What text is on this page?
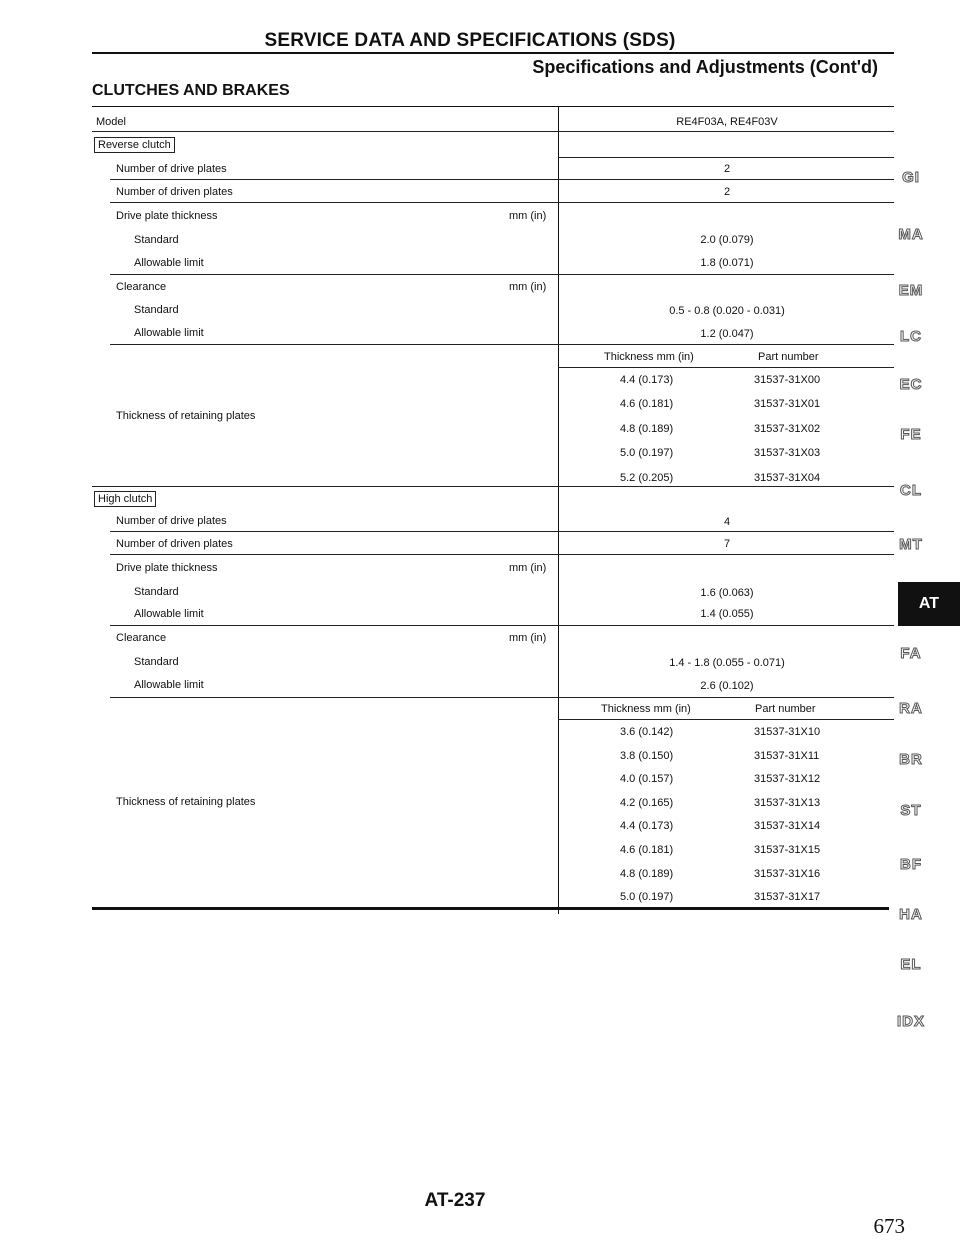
SERVICE DATA AND SPECIFICATIONS (SDS)
Specifications and Adjustments (Cont'd)
CLUTCHES AND BRAKES
Model	RE4F03A, RE4F03V
Reverse clutch
Number of drive plates	2
Number of driven plates	2
Drive plate thickness	mm (in)
Standard	2.0 (0.079)
Allowable limit	1.8 (0.071)
Clearance	mm (in)
Standard	0.5 - 0.8 (0.020 - 0.031)
Allowable limit	1.2 (0.047)
Thickness mm (in)	Part number
Thickness of retaining plates
4.4 (0.173)	31537-31X00
4.6 (0.181)	31537-31X01
4.8 (0.189)	31537-31X02
5.0 (0.197)	31537-31X03
5.2 (0.205)	31537-31X04
High clutch
Number of drive plates	4
Number of driven plates	7
Drive plate thickness	mm (in)
Standard	1.6 (0.063)
Allowable limit	1.4 (0.055)
Clearance	mm (in)
Standard	1.4 - 1.8 (0.055 - 0.071)
Allowable limit	2.6 (0.102)
Thickness mm (in)	Part number
Thickness of retaining plates
3.6 (0.142)	31537-31X10
3.8 (0.150)	31537-31X11
4.0 (0.157)	31537-31X12
4.2 (0.165)	31537-31X13
4.4 (0.173)	31537-31X14
4.6 (0.181)	31537-31X15
4.8 (0.189)	31537-31X16
5.0 (0.197)	31537-31X17
GI
MA
EM
LC
EC
FE
CL
MT
AT
FA
RA
BR
ST
BF
HA
EL
IDX
AT-237
673
